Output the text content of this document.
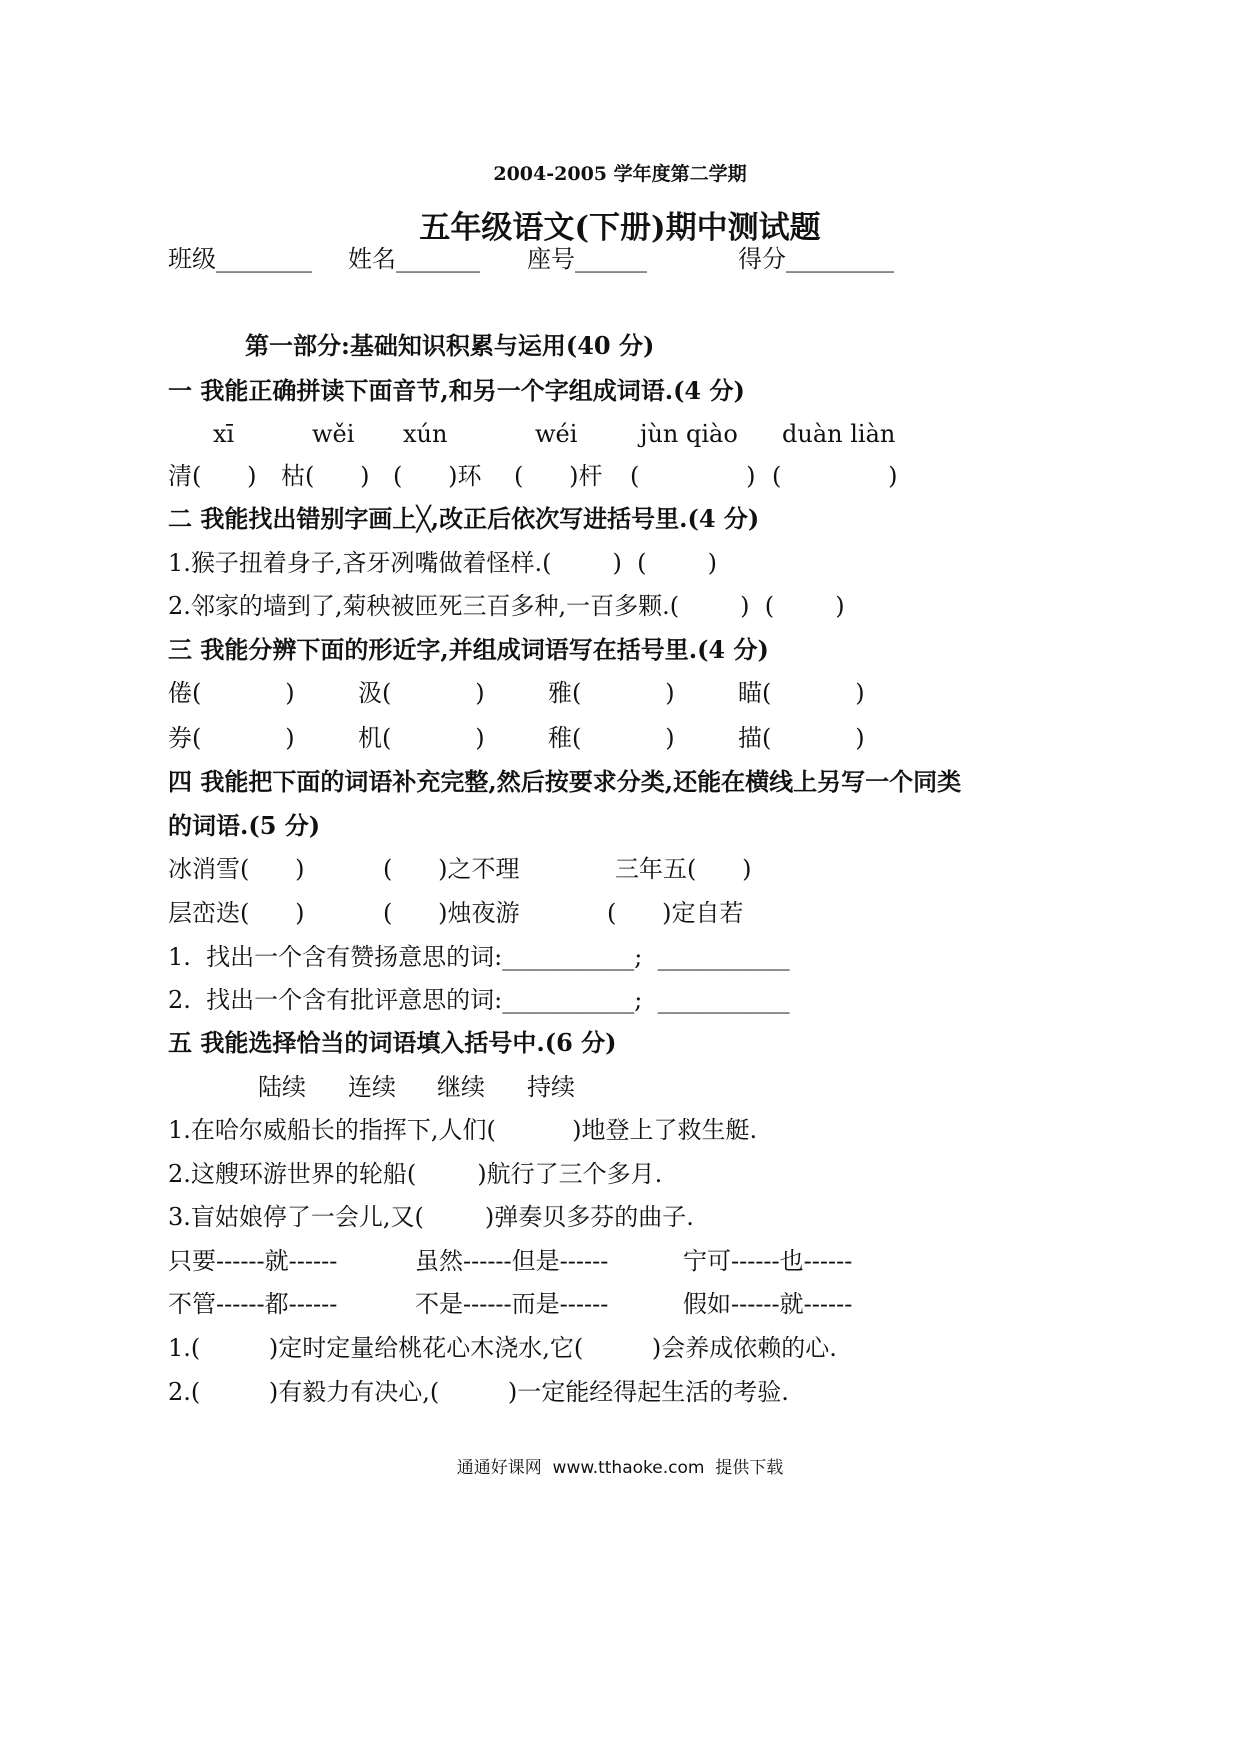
2004-2005 学年度第二学期
五年级语文(下册)期中测试题
班级________ 姓名_______ 座号______	得分_________
第一部分:基础知识积累与运用(40 分)
一 我能正确拼读下面音节,和另一个字组成词语.(4 分)
xī	wěi xún	wéi	jùn qiào duàn liàn
清(      ) 枯(      ) (      )环 (      )杆 (              ) (              )
二 我能找出错别字画上╳,改正后依次写进括号里.(4 分)
1.猴子扭着身子,吝牙冽嘴做着怪样.(        )  (        )
2.邻家的墙到了,菊秧被匝死三百多种,一百多颗.(        )  (        )
三 我能分辨下面的形近字,并组成词语写在括号里.(4 分)
倦(           )	汲(           )	雅(           )	瞄(           )
券(           )	机(           )	稚(           )	描(           )
四 我能把下面的词语补充完整,然后按要求分类,还能在横线上另写一个同类
的词语.(5 分)
冰消雪(      )	(      )之不理	三年五(      )
层峦迭(      )	(      )烛夜游	(      )定自若
1.  找出一个含有赞扬意思的词:___________;  ___________
2.  找出一个含有批评意思的词:___________;  ___________
五 我能选择恰当的词语填入括号中.(6 分)
陆续 连续 继续 持续
1.在哈尔威船长的指挥下,人们(          )地登上了救生艇.
2.这艘环游世界的轮船(        )航行了三个多月.
3.盲姑娘停了一会儿,又(        )弹奏贝多芬的曲子.
只要------就------	虽然------但是------	宁可------也------
不管------都------	不是------而是------	假如------就------
1.(         )定时定量给桃花心木浇水,它(         )会养成依赖的心.
2.(         )有毅力有决心,(         )一定能经得起生活的考验.
通通好课网  www.tthaoke.com  提供下载
